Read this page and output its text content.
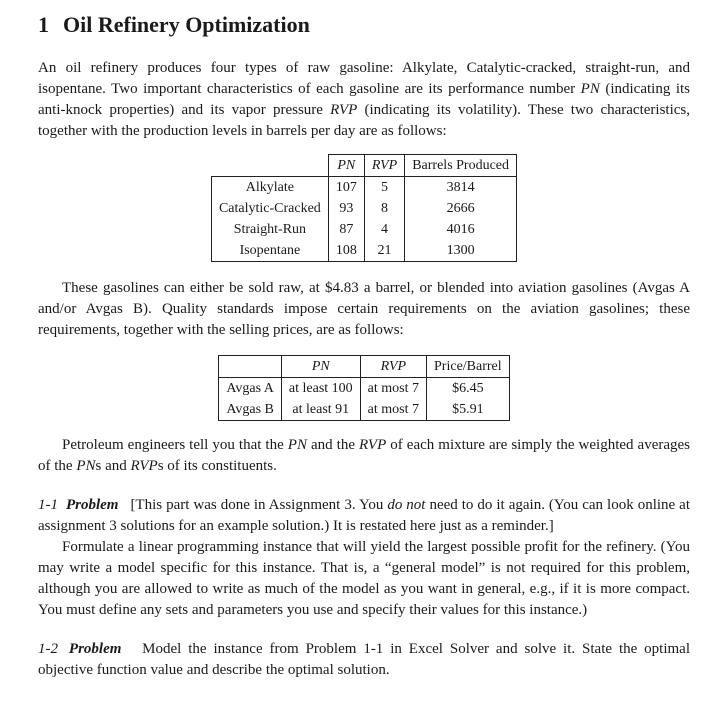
1 Oil Refinery Optimization

An oil refinery produces four types of raw gasoline: Alkylate, Catalytic-cracked, straight-run, and isopentane. Two important characteristics of each gasoline are its performance number PN (indicating its anti-knock properties) and its vapor pressure RVP (indicating its volatility). These two characteristics, together with the production levels in barrels per day are as follows:

	PN	RVP	Barrels Produced
Alkylate	107	5	3814
Catalytic-Cracked	93	8	2666
Straight-Run	87	4	4016
Isopentane	108	21	1300

These gasolines can either be sold raw, at $4.83 a barrel, or blended into aviation gasolines (Avgas A and/or Avgas B). Quality standards impose certain requirements on the aviation gasolines; these requirements, together with the selling prices, are as follows:

	PN	RVP	Price/Barrel
Avgas A	at least 100	at most 7	$6.45
Avgas B	at least 91	at most 7	$5.91

Petroleum engineers tell you that the PN and the RVP of each mixture are simply the weighted averages of the PNs and RVPs of its constituents.

1-1 Problem [This part was done in Assignment 3. You do not need to do it again. (You can look online at assignment 3 solutions for an example solution.) It is restated here just as a reminder.]

Formulate a linear programming instance that will yield the largest possible profit for the refinery. (You may write a model specific for this instance. That is, a “general model” is not required for this problem, although you are allowed to write as much of the model as you want in general, e.g., if it is more compact. You must define any sets and parameters you use and specify their values for this instance.)

1-2 Problem Model the instance from Problem 1-1 in Excel Solver and solve it. State the optimal objective function value and describe the optimal solution.
